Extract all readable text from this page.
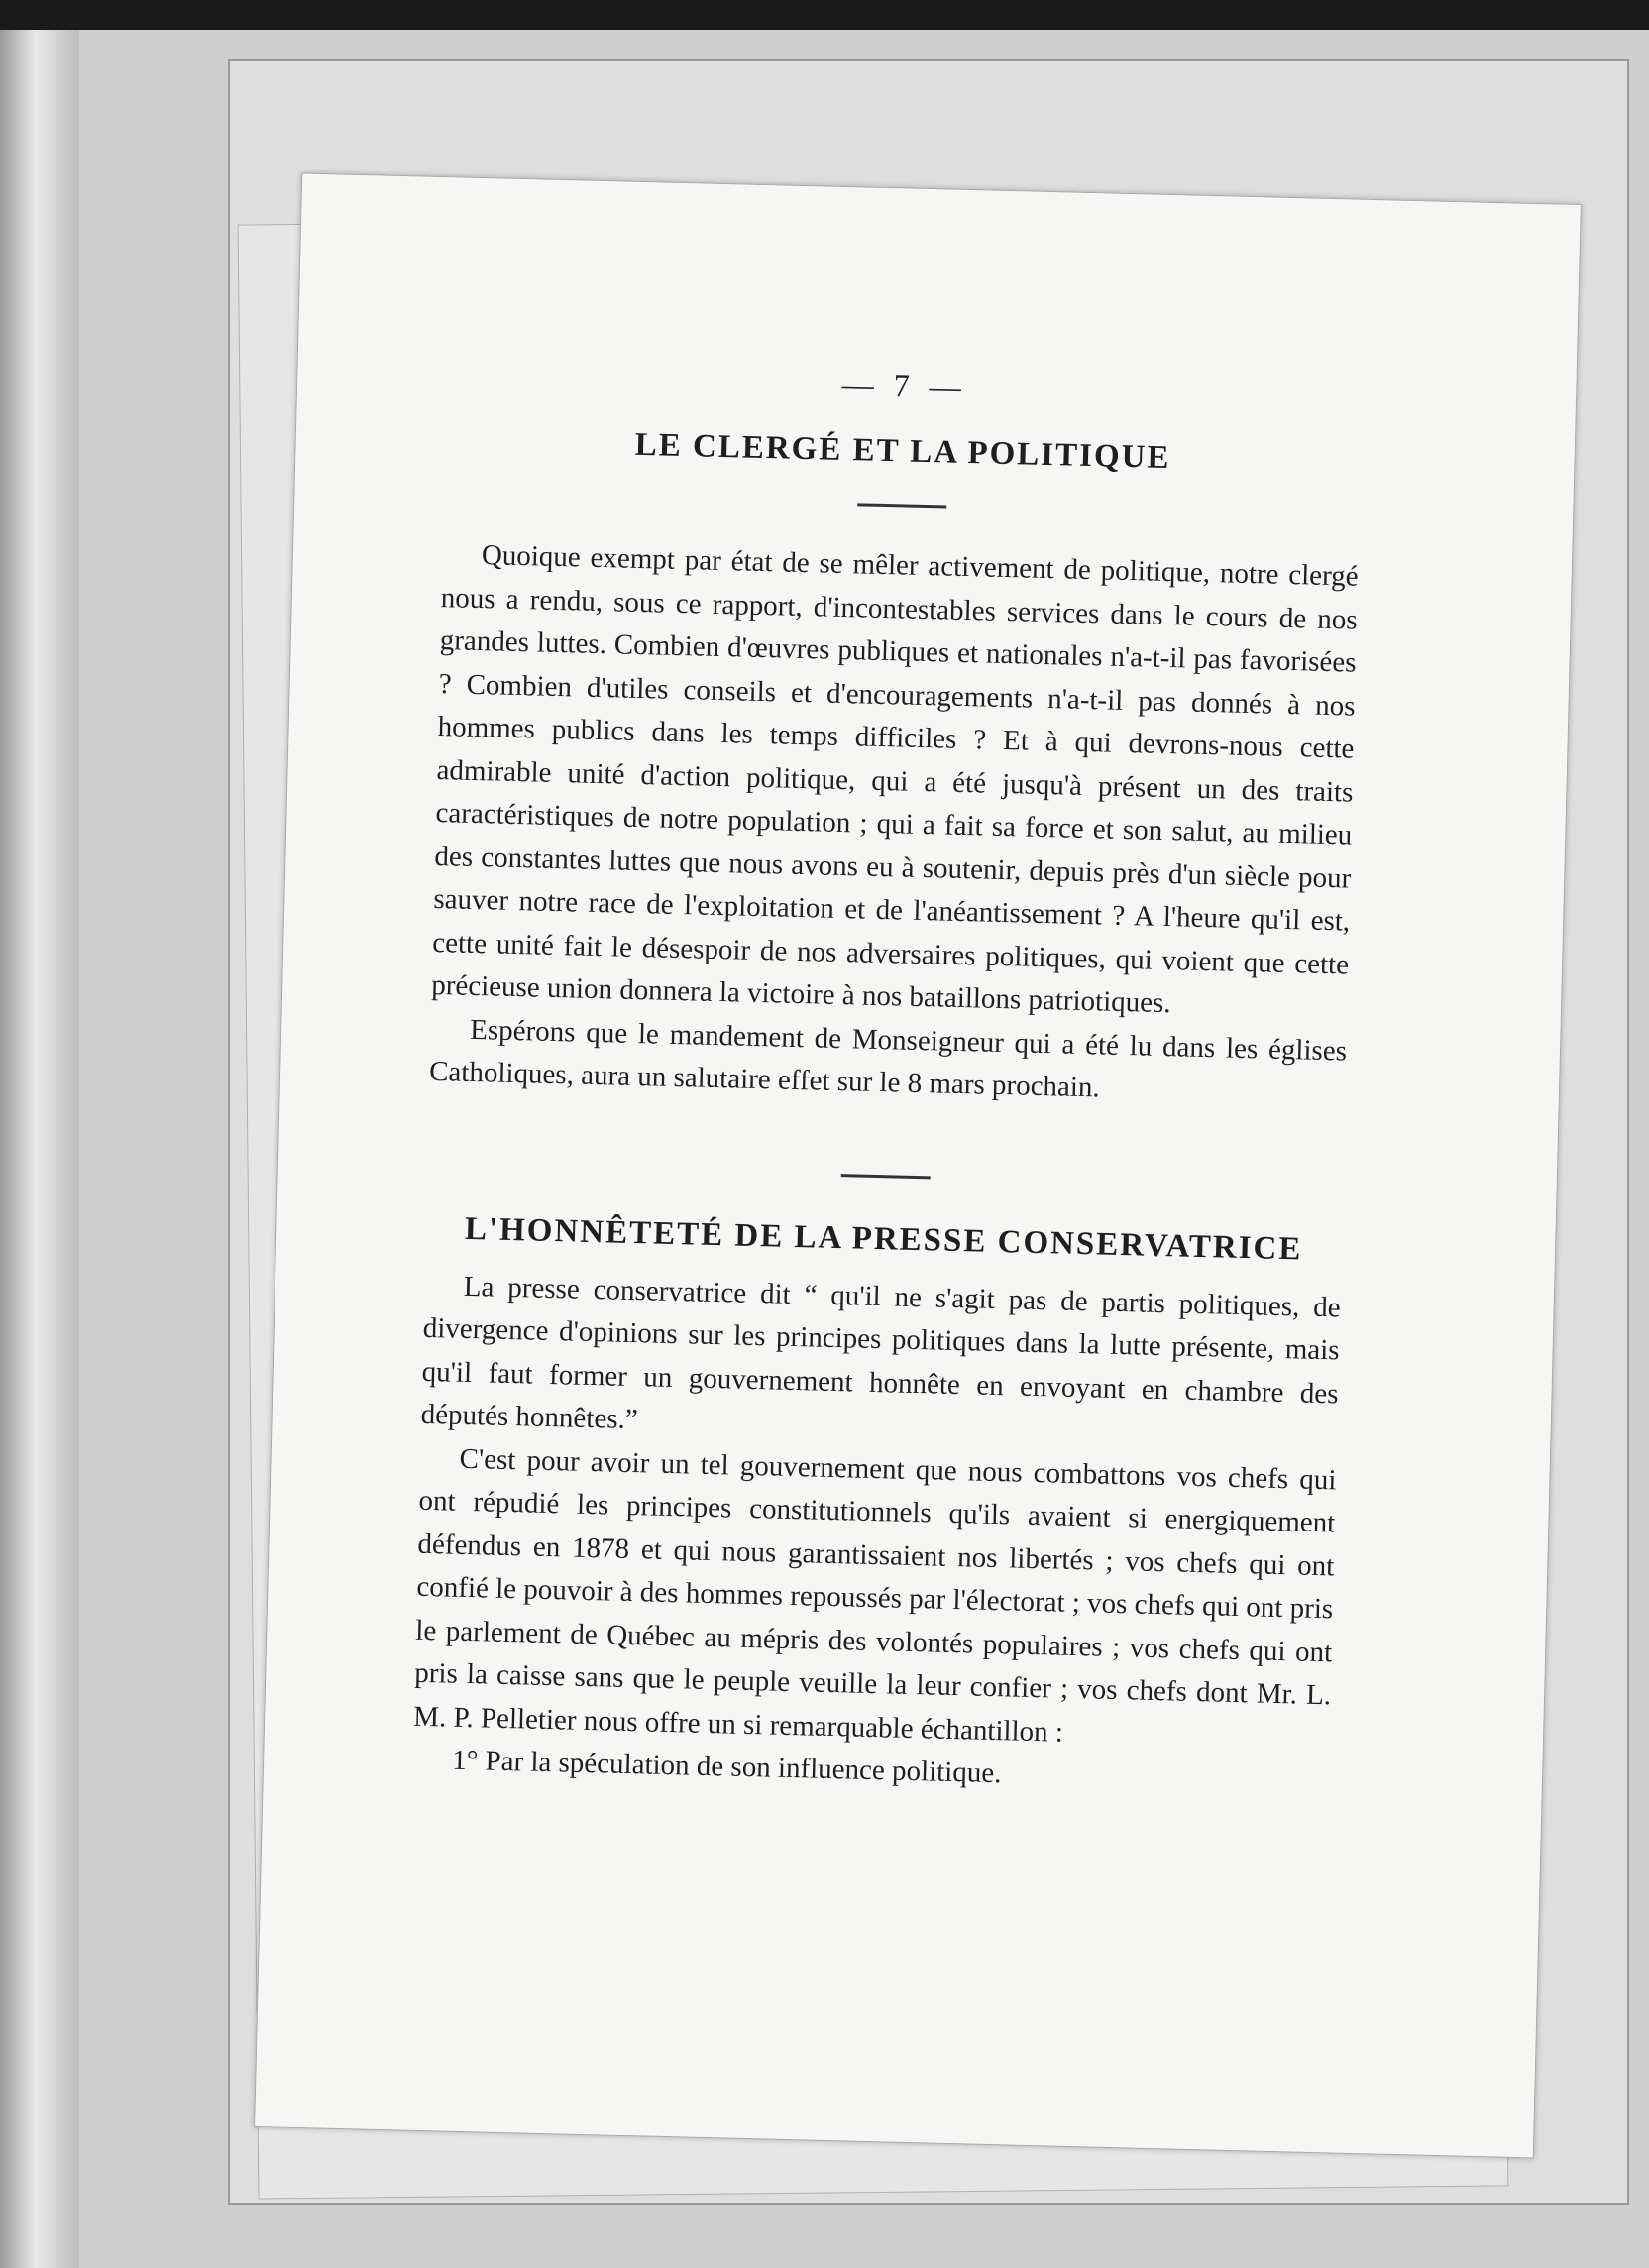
— 7 —
LE CLERGÉ ET LA POLITIQUE

Quoique exempt par état de se mêler activement de politique, notre clergé nous a rendu, sous ce rapport, d'incontestables services dans le cours de nos grandes luttes. Combien d'œuvres publiques et nationales n'a-t-il pas favorisées ? Combien d'utiles conseils et d'encouragements n'a-t-il pas donnés à nos hommes publics dans les temps difficiles ? Et à qui devrons-nous cette admirable unité d'action politique, qui a été jusqu'à présent un des traits caractéristiques de notre population ; qui a fait sa force et son salut, au milieu des constantes luttes que nous avons eu à soutenir, depuis près d'un siècle pour sauver notre race de l'exploitation et de l'anéantissement ? A l'heure qu'il est, cette unité fait le désespoir de nos adversaires politiques, qui voient que cette précieuse union donnera la victoire à nos bataillons patriotiques.

Espérons que le mandement de Monseigneur qui a été lu dans les églises Catholiques, aura un salutaire effet sur le 8 mars prochain.

L'HONNÊTETÉ DE LA PRESSE CONSERVATRICE

La presse conservatrice dit “ qu'il ne s'agit pas de partis politiques, de divergence d'opinions sur les principes politiques dans la lutte présente, mais qu'il faut former un gouvernement honnête en envoyant en chambre des députés honnêtes.”

C'est pour avoir un tel gouvernement que nous combattons vos chefs qui ont répudié les principes constitutionnels qu'ils avaient si energiquement défendus en 1878 et qui nous garantissaient nos libertés ; vos chefs qui ont confié le pouvoir à des hommes repoussés par l'électorat ; vos chefs qui ont pris le parlement de Québec au mépris des volontés populaires ; vos chefs qui ont pris la caisse sans que le peuple veuille la leur confier ; vos chefs dont Mr. L. M. P. Pelletier nous offre un si remarquable échantillon :

1° Par la spéculation de son influence politique.
